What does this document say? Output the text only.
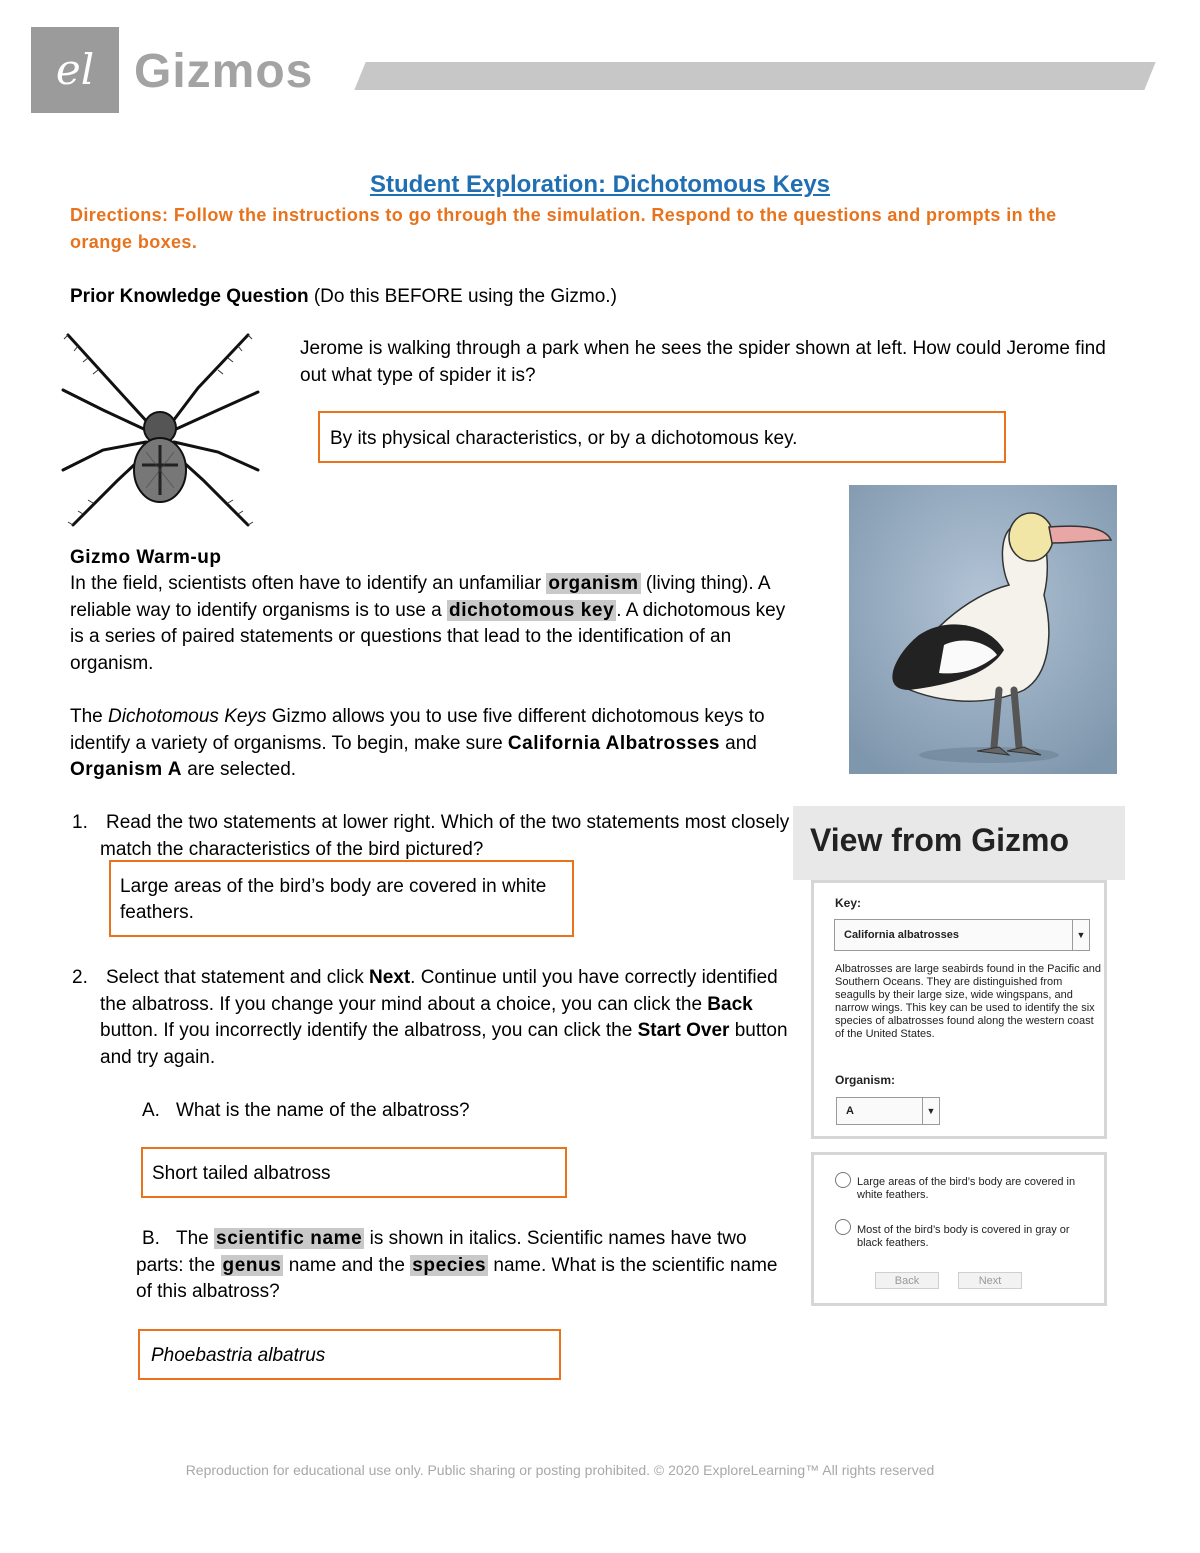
el Gizmos
Student Exploration: Dichotomous Keys
Directions: Follow the instructions to go through the simulation. Respond to the questions and prompts in the orange boxes.
Prior Knowledge Question (Do this BEFORE using the Gizmo.)
Jerome is walking through a park when he sees the spider shown at left. How could Jerome find out what type of spider it is?
By its physical characteristics, or by a dichotomous key.
Gizmo Warm-up
In the field, scientists often have to identify an unfamiliar organism (living thing). A reliable way to identify organisms is to use a dichotomous key . A dichotomous key is a series of paired statements or questions that lead to the identification of an organism.
The Dichotomous Keys Gizmo allows you to use five different dichotomous keys to identify a variety of organisms. To begin, make sure California Albatrosses and Organism A are selected.
1. Read the two statements at lower right. Which of the two statements most closely match the characteristics of the bird pictured?
Large areas of the bird’s body are covered in white feathers.
2. Select that statement and click Next. Continue until you have correctly identified the albatross. If you change your mind about a choice, you can click the Back button. If you incorrectly identify the albatross, you can click the Start Over button and try again.
A. What is the name of the albatross?
Short tailed albatross
B. The scientific name is shown in italics. Scientific names have two parts: the genus name and the species name. What is the scientific name of this albatross?
Phoebastria albatrus
View from Gizmo
Key:
California albatrosses	▼
Albatrosses are large seabirds found in the Pacific and Southern Oceans. They are distinguished from seagulls by their large size, wide wingspans, and narrow wings. This key can be used to identify the six species of albatrosses found along the western coast of the United States.
Organism:
A	▼
Large areas of the bird’s body are covered in white feathers.
Most of the bird’s body is covered in gray or black feathers.
Back	Next
Reproduction for educational use only. Public sharing or posting prohibited. © 2020 ExploreLearning™ All rights reserved
